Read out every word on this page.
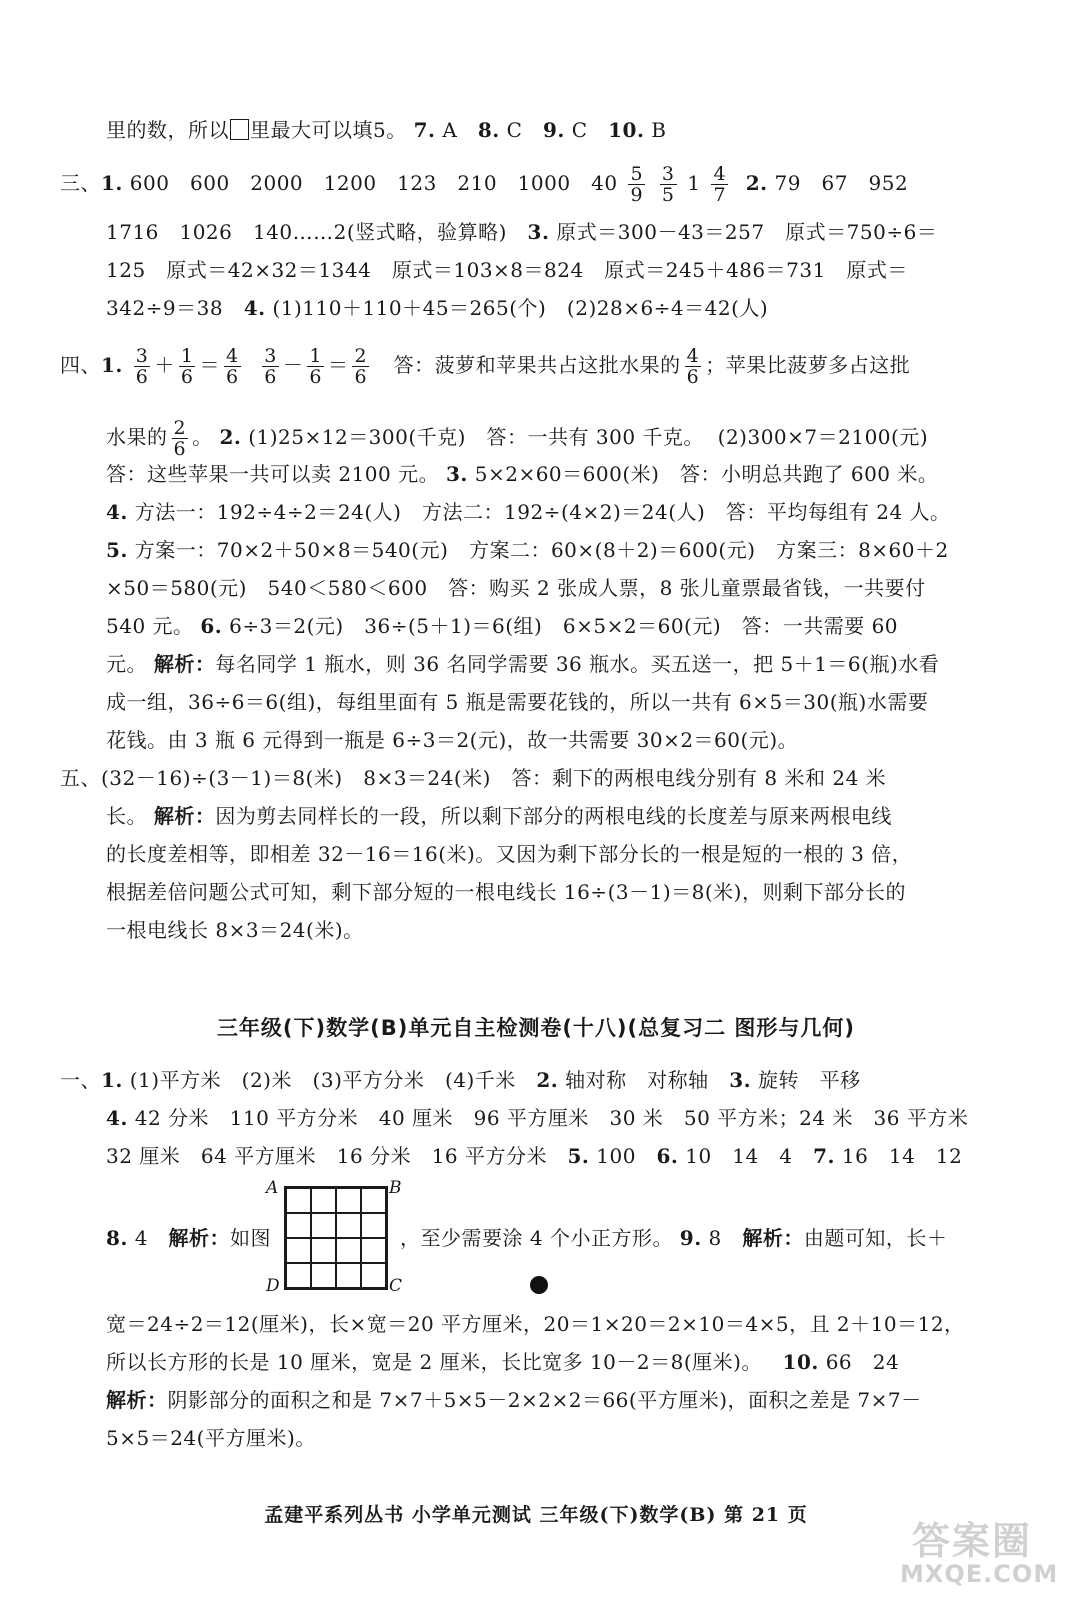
里的数，所以 里最大可以填5。 7. A   8. C   9. C   10. B
三、1. 600   600   2000   1200   123   210   1000   $40 \frac{5}{9}$
$\frac{3}{5} 1 \frac{4}{7} 2$. 79   67   952
1716   1026   140……2(竖式略，验算略)   3. 原式＝300－43＝257   原式＝750÷6＝
125   原式＝42×32＝1344   原式＝103×8＝824   原式＝245＋486＝731   原式＝
342÷9＝38   4. (1)110＋110＋45＝265(个)   (2)28×6÷4＝42(人)
四、1. $\frac{3}{6} + \frac{1}{6} = \frac{4}{6}$
$\frac{3}{6} - \frac{1}{6} = \frac{2}{6}$ 答：菠萝和苹果共占这批水果的 $\frac{4}{6}$ ；苹果比菠萝多占这批
水果的 $\frac{2}{6}$ 。 2. (1)25×12＝300(千克)   答：一共有 300 千克。  (2)300×7＝2100(元)
答：这些苹果一共可以卖 2100 元。 3. 5×2×60＝600(米)   答：小明总共跑了 600 米。
4. 方法一：192÷4÷2＝24(人)   方法二：192÷(4×2)＝24(人)   答：平均每组有 24 人。
5. 方案一：70×2＋50×8＝540(元)   方案二：60×(8＋2)＝600(元)   方案三：8×60＋2
×50＝580(元)   540＜580＜600   答：购买 2 张成人票，8 张儿童票最省钱，一共要付
540 元。 6. 6÷3＝2(元)   36÷(5＋1)＝6(组)   6×5×2＝60(元)   答：一共需要 60
元。 解析：每名同学 1 瓶水，则 36 名同学需要 36 瓶水。买五送一，把 5＋1＝6(瓶)水看
成一组，36÷6＝6(组)，每组里面有 5 瓶是需要花钱的，所以一共有 6×5＝30(瓶)水需要
花钱。由 3 瓶 6 元得到一瓶是 6÷3＝2(元)，故一共需要 30×2＝60(元)。
五、(32－16)÷(3－1)＝8(米)   8×3＝24(米)   答：剩下的两根电线分别有 8 米和 24 米
长。 解析：因为剪去同样长的一段，所以剩下部分的两根电线的长度差与原来两根电线
的长度差相等，即相差 32－16＝16(米)。又因为剩下部分长的一根是短的一根的 3 倍，
根据差倍问题公式可知，剩下部分短的一根电线长 16÷(3－1)＝8(米)，则剩下部分长的
一根电线长 8×3＝24(米)。
三年级(下)数学(B)单元自主检测卷(十八)(总复习二 图形与几何)
一、1. (1)平方米   (2)米   (3)平方分米   (4)千米   2. 轴对称   对称轴   3. 旋转   平移
4. 42 分米   110 平方分米   40 厘米   96 平方厘米   30 米   50 平方米；24 米   36 平方米
32 厘米   64 平方厘米   16 分米   16 平方分米   5. 100   6. 10   14   4   7. 16   14   12
8. 4   解析：如图	，至少需要涂 4 个小正方形。 9. 8   解析：由题可知，长＋
A	B
C
D
宽＝24÷2＝12(厘米)，长×宽＝20 平方厘米，20＝1×20＝2×10＝4×5，且 2＋10＝12，
所以长方形的长是 10 厘米，宽是 2 厘米，长比宽多 10－2＝8(厘米)。   10. 66   24
解析：阴影部分的面积之和是 7×7＋5×5－2×2×2＝66(平方厘米)，面积之差是 7×7－
5×5＝24(平方厘米)。
孟建平系列丛书 小学单元测试 三年级(下)数学(B) 第 21 页
答案圈
MXQE.COM
